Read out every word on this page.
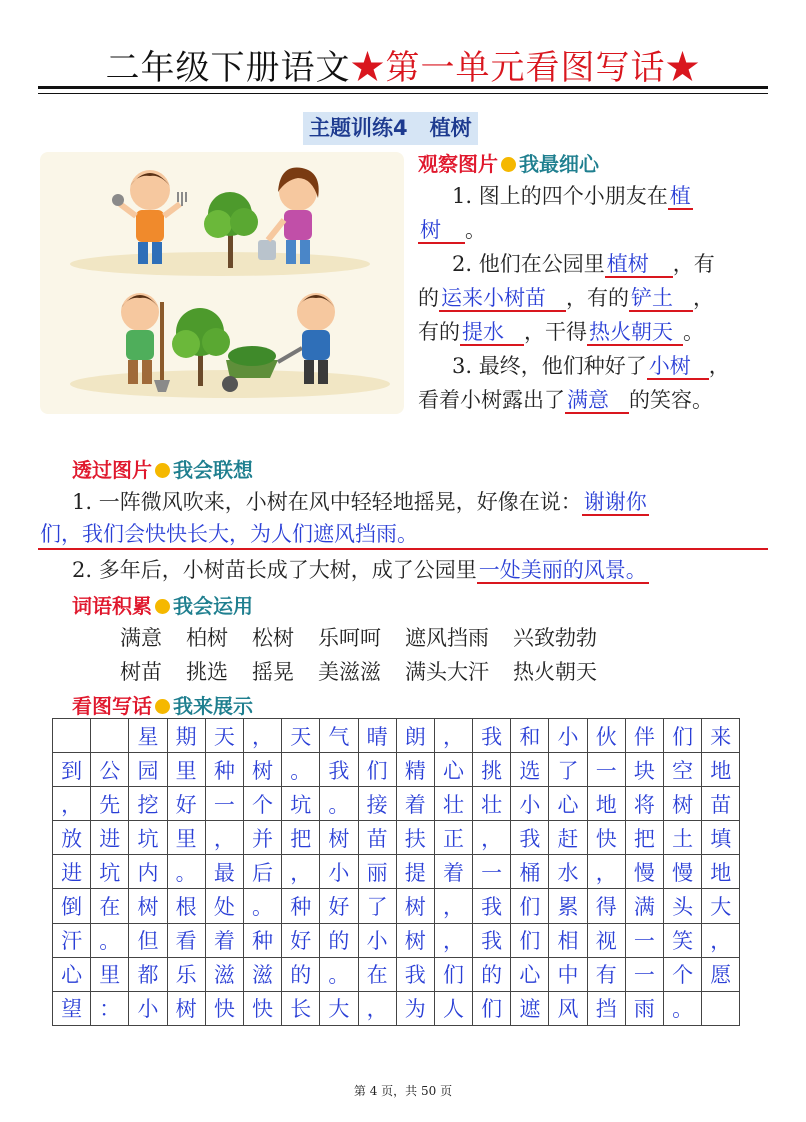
二年级下册语文★第一单元看图写话★
主题训练4 植树
观察图片 我最细心
1. 图上的四个小朋友在植
树 。
2. 他们在公园里植树 ，有
的运来小树苗 ，有的铲土 ，
有的提水 ，干得热火朝天 。
3. 最终，他们种好了小树 ，
看着小树露出了满意 的笑容。
透过图片 我会联想
1. 一阵微风吹来，小树在风中轻轻地摇晃，好像在说：谢谢你
们，我们会快快长大，为人们遮风挡雨。
2. 多年后，小树苗长成了大树，成了公园里一处美丽的风景。
词语积累 我会运用
满意 柏树 松树 乐呵呵 遮风挡雨 兴致勃勃
树苗 挑选 摇晃 美滋滋 满头大汗 热火朝天
看图写话 我来展示
		星	期	天	，	天	气	晴	朗	，	我	和	小	伙	伴	们	来
到	公	园	里	种	树	。	我	们	精	心	挑	选	了	一	块	空	地
，	先	挖	好	一	个	坑	。	接	着	壮	壮	小	心	地	将	树	苗
放	进	坑	里	，	并	把	树	苗	扶	正	，	我	赶	快	把	土	填
进	坑	内	。	最	后	，	小	丽	提	着	一	桶	水	，	慢	慢	地
倒	在	树	根	处	。	种	好	了	树	，	我	们	累	得	满	头	大
汗	。	但	看	着	种	好	的	小	树	，	我	们	相	视	一	笑	，
心	里	都	乐	滋	滋	的	。	在	我	们	的	心	中	有	一	个	愿
望	：	小	树	快	快	长	大	，	为	人	们	遮	风	挡	雨	。	
第 4 页，共 50 页
